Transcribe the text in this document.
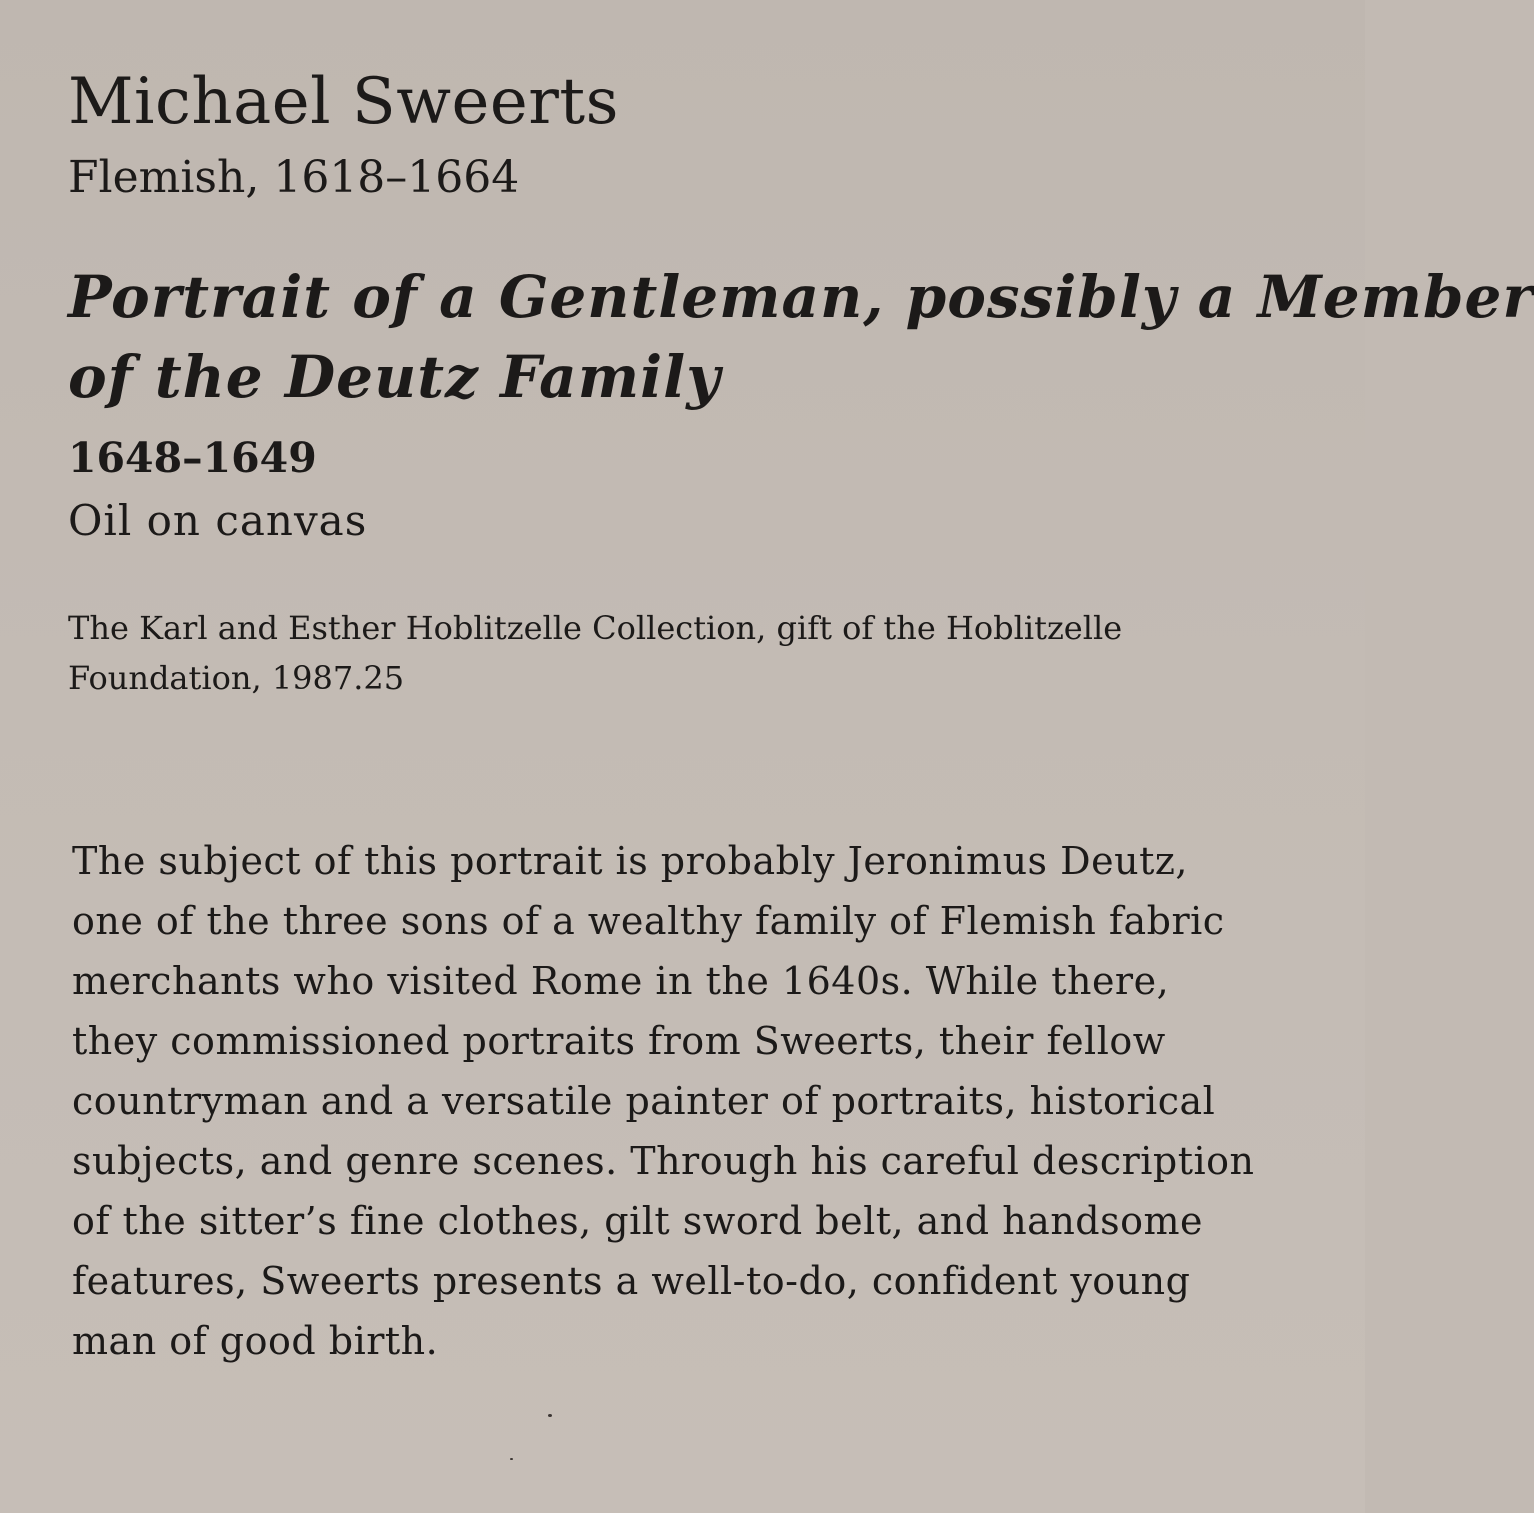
Michael Sweerts
Flemish, 1618–1664
Portrait of a Gentleman, possibly a Member
of the Deutz Family
1648–1649
Oil on canvas
The Karl and Esther Hoblitzelle Collection, gift of the Hoblitzelle
Foundation, 1987.25
The subject of this portrait is probably Jeronimus Deutz,
one of the three sons of a wealthy family of Flemish fabric
merchants who visited Rome in the 1640s. While there,
they commissioned portraits from Sweerts, their fellow
countryman and a versatile painter of portraits, historical
subjects, and genre scenes. Through his careful description
of the sitter’s fine clothes, gilt sword belt, and handsome
features, Sweerts presents a well-to-do, confident young
man of good birth.
